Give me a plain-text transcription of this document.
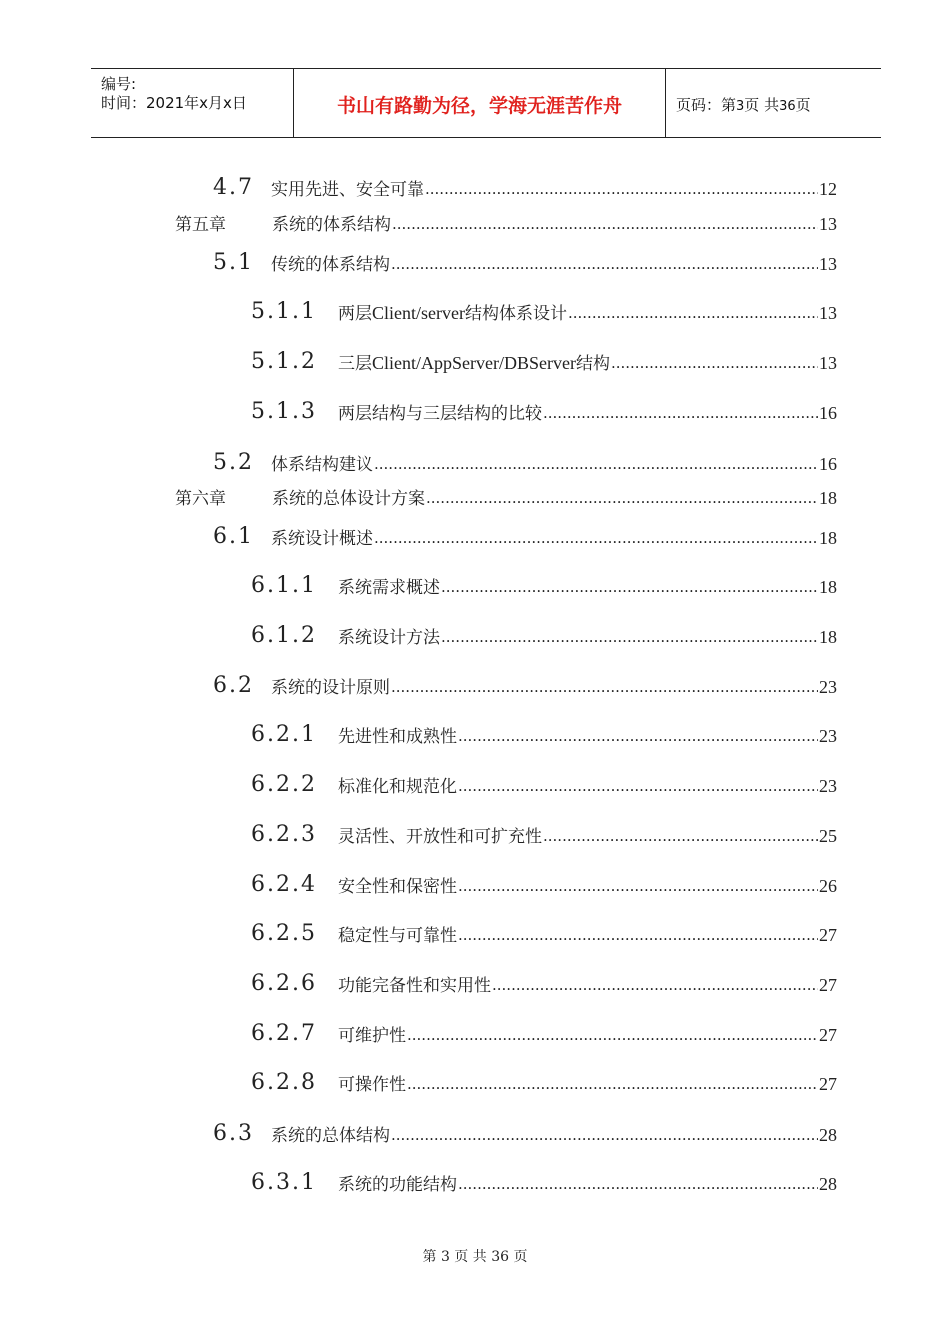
编号:
时间：2021年x月x日	书山有路勤为径，学海无涯苦作舟	页码：第3页 共36页
4.7	实用先进、安全可靠 .....	12
第五章	系统的体系结构 .....	13
5.1	传统的体系结构 .....	13
5.1.1	两层Client/server结构体系设计 .....	13
5.1.2	三层Client/AppServer/DBServer结构 .....	13
5.1.3	两层结构与三层结构的比较 .....	16
5.2	体系结构建议 .....	16
第六章	系统的总体设计方案 .....	18
6.1	系统设计概述 .....	18
6.1.1	系统需求概述 .....	18
6.1.2	系统设计方法 .....	18
6.2	系统的设计原则 .....	23
6.2.1	先进性和成熟性 .....	23
6.2.2	标准化和规范化 .....	23
6.2.3	灵活性、开放性和可扩充性 .....	25
6.2.4	安全性和保密性 .....	26
6.2.5	稳定性与可靠性 .....	27
6.2.6	功能完备性和实用性 .....	27
6.2.7	可维护性 .....	27
6.2.8	可操作性 .....	27
6.3	系统的总体结构 .....	28
6.3.1	系统的功能结构 .....	28
第 3 页 共 36 页
